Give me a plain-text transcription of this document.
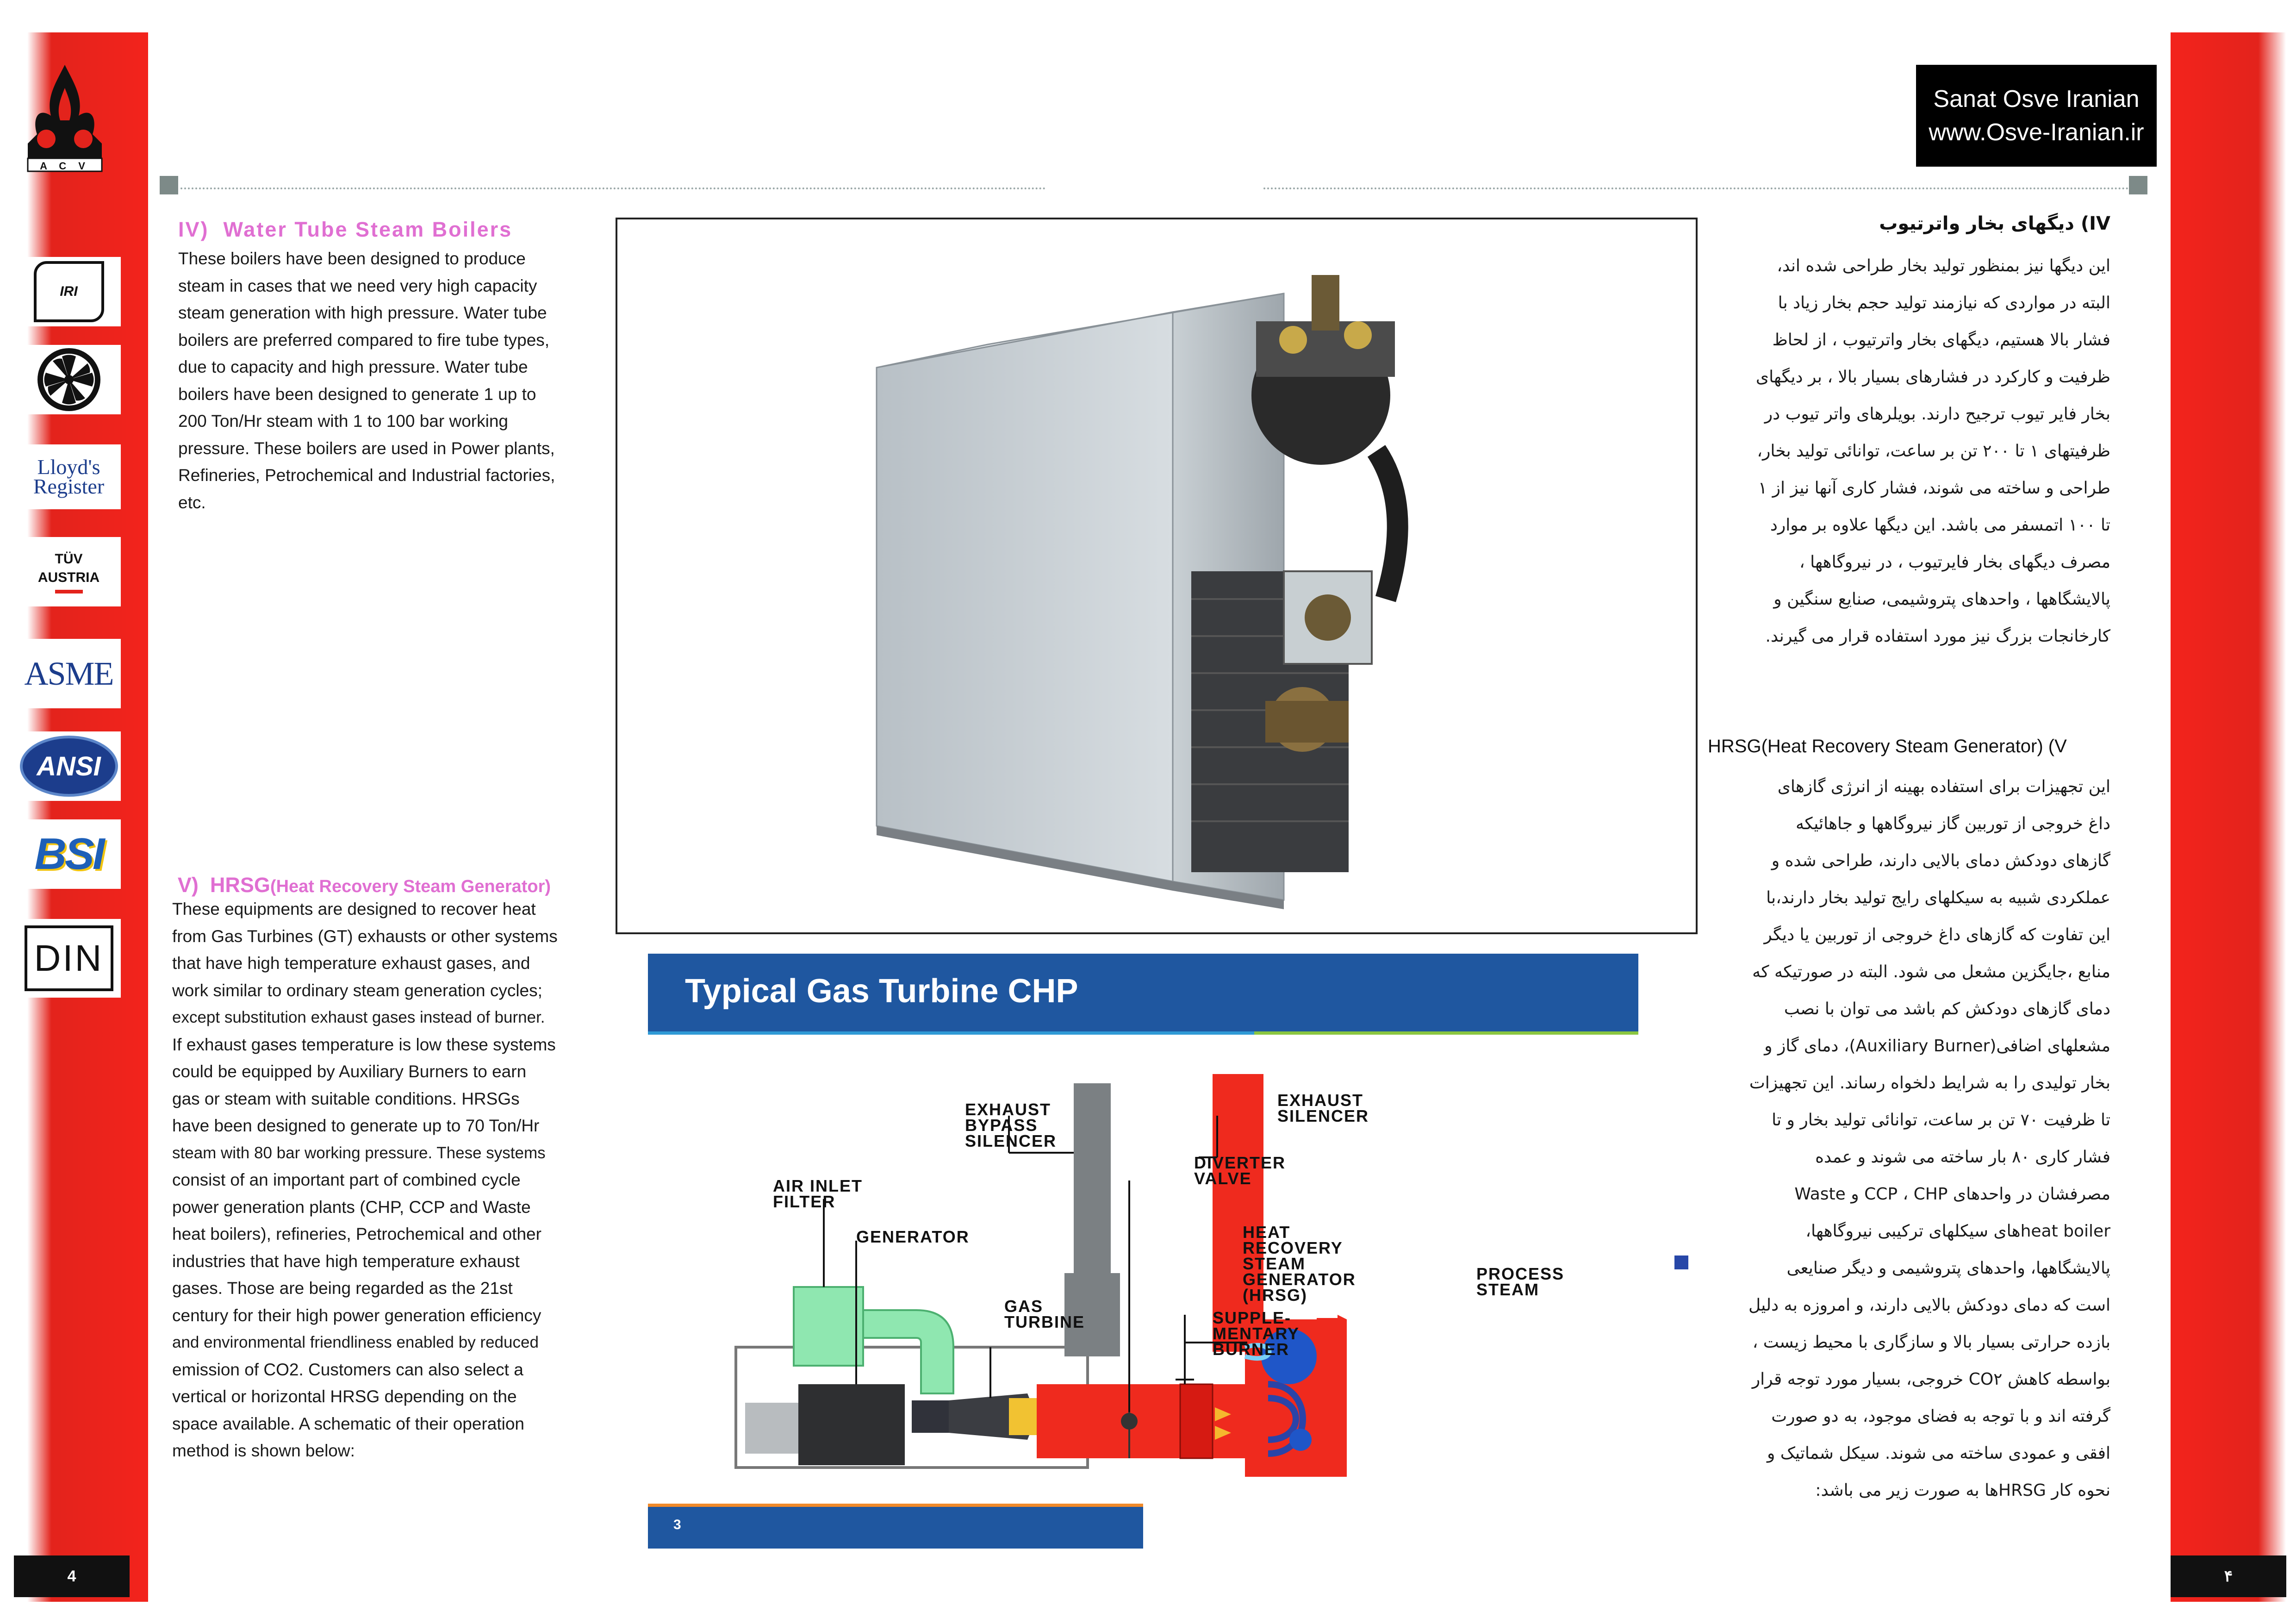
A C V
IRI
Lloyd's Register
TÜV AUSTRIA
ASME
ANSI
BSI
DIN
4	۴
Sanat Osve Iranian
www.Osve-Iranian.ir
IV)  Water Tube Steam Boilers
These boilers have been designed to produce
steam in cases that we need very high capacity
steam generation with high pressure. Water tube
boilers are preferred compared to fire tube types,
due to capacity and high pressure. Water tube
boilers have been designed to generate 1 up to
200 Ton/Hr steam with 1 to 100 bar working
pressure. These boilers are used in Power plants,
Refineries, Petrochemical and Industrial factories,
etc.

V)  HRSG(Heat Recovery Steam Generator)

These equipments are designed to recover heat
from Gas Turbines (GT) exhausts or other systems
that have high temperature exhaust gases, and
work similar to ordinary steam generation cycles;
except substitution exhaust gases instead of burner.
If exhaust gases temperature is low these systems
could be equipped by Auxiliary Burners to earn
gas or steam with suitable conditions. HRSGs
have been designed to generate up to 70 Ton/Hr
steam with 80 bar working pressure. These systems
consist of an important part of combined cycle
power generation plants (CHP, CCP and Waste
heat boilers), refineries, Petrochemical and other
industries that have high temperature exhaust
gases. Those are being regarded as the 21st
century for their high power generation efficiency
and environmental friendliness enabled by reduced
emission of CO2. Customers can also select a
vertical or horizontal HRSG depending on the
space available. A schematic of their operation
method is shown below:
Typical Gas Turbine CHP
EXHAUST
BYPASS
SILENCER
EXHAUST
SILENCER
DIVERTER
VALVE
AIR INLET
FILTER
GENERATOR	HEAT
RECOVERY
STEAM
GENERATOR
(HRSG)
PROCESS
STEAM
GAS
TURBINE	SUPPLE-
MENTARY
BURNER
3
IV) دیگهای بخار واترتیوب
این دیگها نیز بمنظور تولید بخار طراحی شده اند،
البته در مواردی که نیازمند تولید حجم بخار زیاد با
فشار بالا هستیم، دیگهای بخار واترتیوب ، از لحاظ
ظرفیت و کارکرد در فشارهای بسیار بالا ، بر دیگهای
بخار فایر تیوب ترجیح دارند. بویلرهای واتر تیوب در
ظرفیتهای ۱ تا ۲۰۰ تن بر ساعت، توانائی تولید بخار،
طراحی و ساخته می شوند، فشار کاری آنها نیز از ۱
تا ۱۰۰ اتمسفر می باشد. این دیگها علاوه بر موارد
مصرف دیگهای بخار فایرتیوب ، در نیروگاهها ،
پالایشگاهها ، واحدهای پتروشیمی، صنایع سنگین و
کارخانجات بزرگ نیز مورد استفاده قرار می گیرند.
HRSG(Heat Recovery Steam Generator) (V
این تجهیزات برای استفاده بهینه از انرژی گازهای
داغ خروجی از توربین گاز نیروگاهها و جاهائیکه
گازهای دودکش دمای بالایی دارند، طراحی شده و
عملکردی شبیه به سیکلهای رایج تولید بخار دارند،با
این تفاوت که گازهای داغ خروجی از توربین یا دیگر
منابع ،جایگزین مشعل می شود. البته در صورتیکه که
دمای گازهای دودکش کم باشد می توان با نصب
مشعلهای اضافی(Auxiliary Burner)، دمای گاز و
بخار تولیدی را به شرایط دلخواه رساند. این تجهیزات
تا ظرفیت ۷۰ تن بر ساعت، توانائی تولید بخار و تا
فشار کاری ۸۰ بار ساخته می شوند و عمده
مصرفشان در واحدهای CCP ، CHP و Waste
heat boilerهای سیکلهای ترکیبی نیروگاهها،
پالایشگاهها، واحدهای پتروشیمی و دیگر صنایعی
است که دمای دودکش بالایی دارند، و امروزه به دلیل
بازده حرارتی بسیار بالا و سازگاری با محیط زیست ،
بواسطه کاهش CO۲ خروجی، بسیار مورد توجه قرار
گرفته اند و با توجه به فضای موجود، به دو صورت
افقی و عمودی ساخته می شوند. سیکل شماتیک و
نحوه کار HRSGها به صورت زیر می باشد:
